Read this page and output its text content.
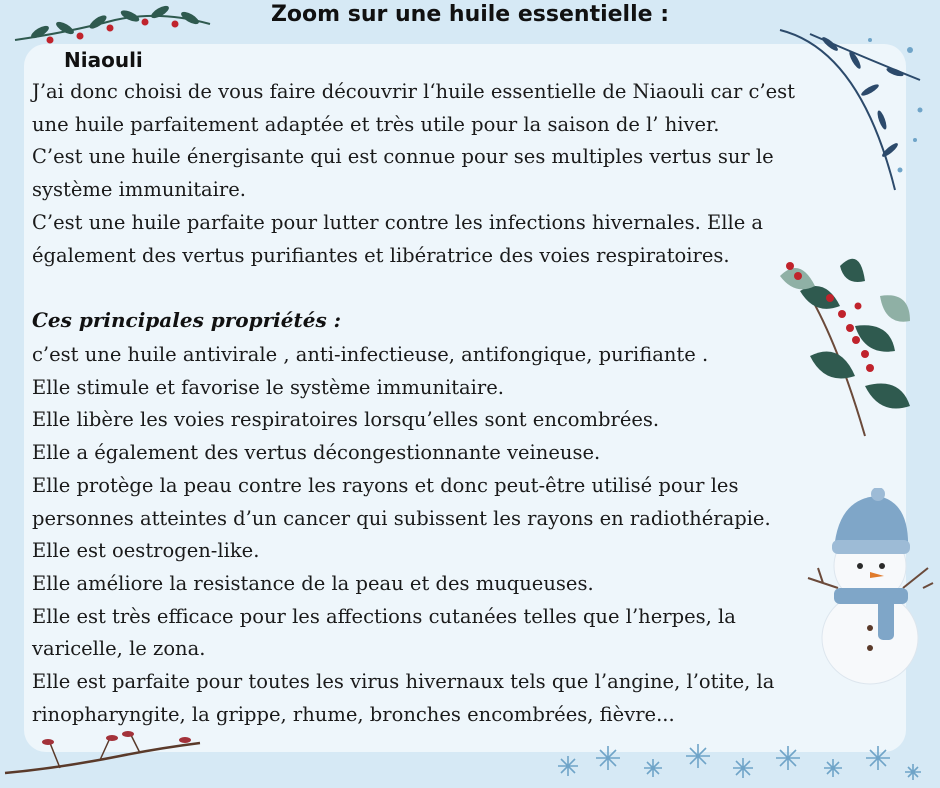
Zoom sur une huile essentielle :
Niaouli

J’ai donc choisi de vous faire découvrir l‘huile essentielle de Niaouli car c’est

une huile parfaitement adaptée et très utile pour la saison de l’ hiver.

C’est une huile énergisante qui est connue pour ses multiples vertus sur le

système immunitaire.

C’est une huile parfaite pour lutter contre les infections hivernales. Elle a

également des vertus purifiantes et libératrice des voies respiratoires.

Ces principales propriétés :

c’est une huile antivirale , anti-infectieuse, antifongique, purifiante .

Elle stimule et favorise le système immunitaire.

Elle libère les voies respiratoires lorsqu’elles sont encombrées.

Elle a également des vertus décongestionnante veineuse.

Elle protège la peau contre les rayons et donc peut-être utilisé pour les

personnes atteintes d’un cancer qui subissent les rayons en radiothérapie.

Elle est oestrogen-like.

Elle améliore la resistance de la peau et des muqueuses.

Elle est très efficace pour les affections cutanées telles que l’herpes, la

varicelle, le zona.

Elle est parfaite pour toutes les virus hivernaux tels que l’angine, l’otite, la

rinopharyngite, la grippe, rhume, bronches encombrées, fièvre...
